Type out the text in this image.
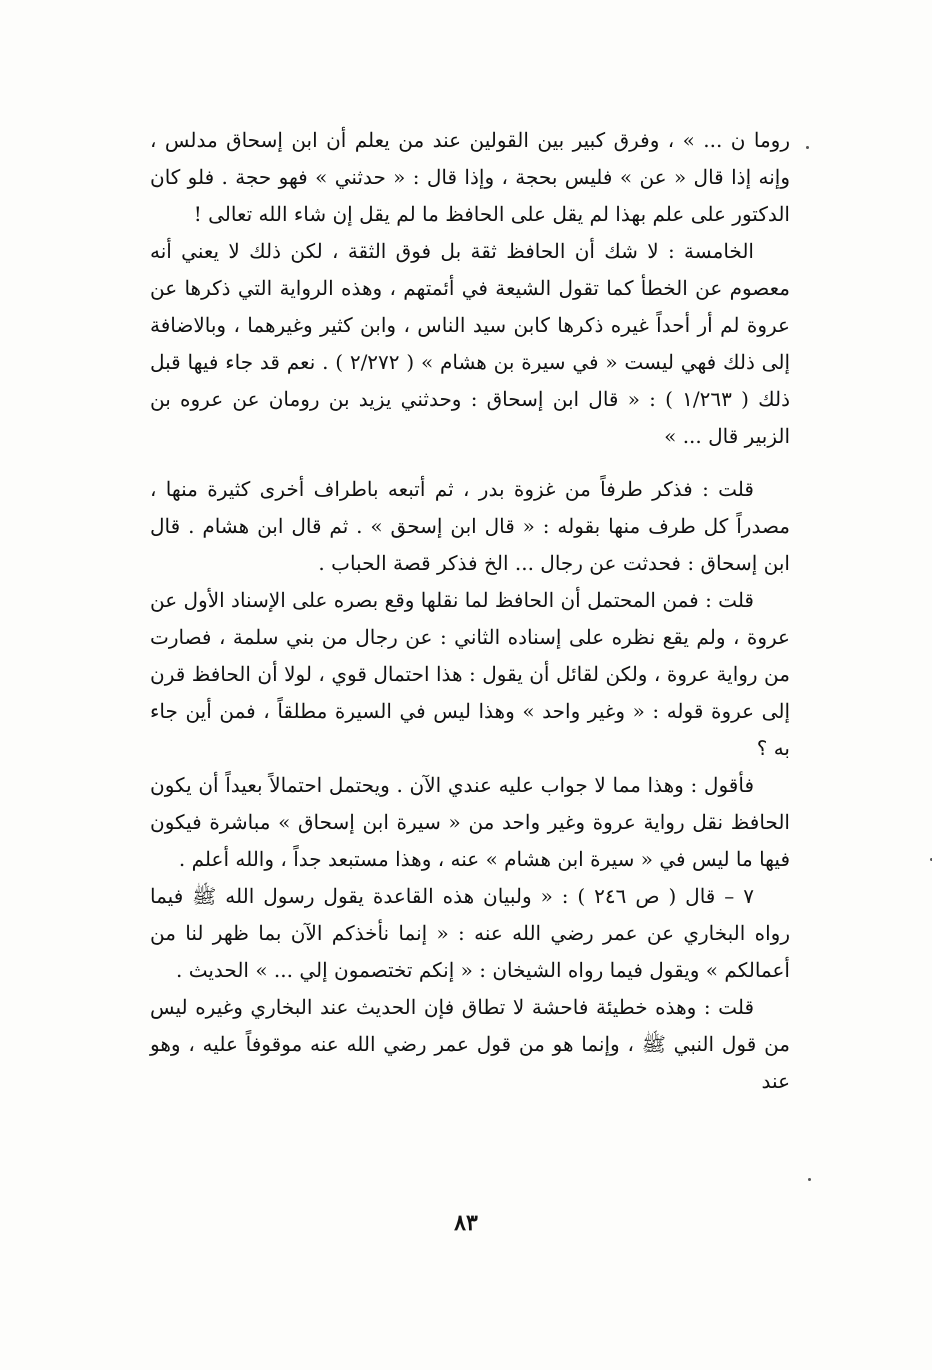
روما ن ... » ، وفرق كبير بين القولين عند من يعلم أن ابن إسحاق مدلس ، وإنه إذا قال « عن » فليس بحجة ، وإذا قال : « حدثني » فهو حجة . فلو كان الدكتور على علم بهذا لم يقل على الحافظ ما لم يقل إن شاء الله تعالى !

الخامسة : لا شك أن الحافظ ثقة بل فوق الثقة ، لكن ذلك لا يعني أنه معصوم عن الخطأ كما تقول الشيعة في أئمتهم ، وهذه الرواية التي ذكرها عن عروة لم أر أحداً غيره ذكرها كابن سيد الناس ، وابن كثير وغيرهما ، وبالاضافة إلى ذلك فهي ليست « في سيرة بن هشام » ( ٢/٢٧٢ ) . نعم قد جاء فيها قبل ذلك ( ١/٢٦٣ ) : « قال ابن إسحاق : وحدثني يزيد بن رومان عن عروه بن الزبير قال ... »

قلت : فذكر طرفاً من غزوة بدر ، ثم أتبعه باطراف أخرى كثيرة منها ، مصدراً كل طرف منها بقوله : « قال ابن إسحق » . ثم قال ابن هشام . قال ابن إسحاق : فحدثت عن رجال ... الخ فذكر قصة الحباب .

قلت : فمن المحتمل أن الحافظ لما نقلها وقع بصره على الإسناد الأول عن عروة ، ولم يقع نظره على إسناده الثاني : عن رجال من بني سلمة ، فصارت من رواية عروة ، ولكن لقائل أن يقول : هذا احتمال قوي ، لولا أن الحافظ قرن إلى عروة قوله : « وغير واحد » وهذا ليس في السيرة مطلقاً ، فمن أين جاء به ؟

فأقول : وهذا مما لا جواب عليه عندي الآن . ويحتمل احتمالاً بعيداً أن يكون الحافظ نقل رواية عروة وغير واحد من « سيرة ابن إسحاق » مباشرة فيكون فيها ما ليس في « سيرة ابن هشام » عنه ، وهذا مستبعد جداً ، والله أعلم .

٧ – قال ( ص ٢٤٦ ) : « ولبيان هذه القاعدة يقول رسول الله ﷺ فيما رواه البخاري عن عمر رضي الله عنه : « إنما نأخذكم الآن بما ظهر لنا من أعمالكم » ويقول فيما رواه الشيخان : « إنكم تختصمون إلي ... » الحديث .

قلت : وهذه خطيئة فاحشة لا تطاق فإن الحديث عند البخاري وغيره ليس من قول النبي ﷺ ، وإنما هو من قول عمر رضي الله عنه موقوفاً عليه ، وهو عند

٨٣
